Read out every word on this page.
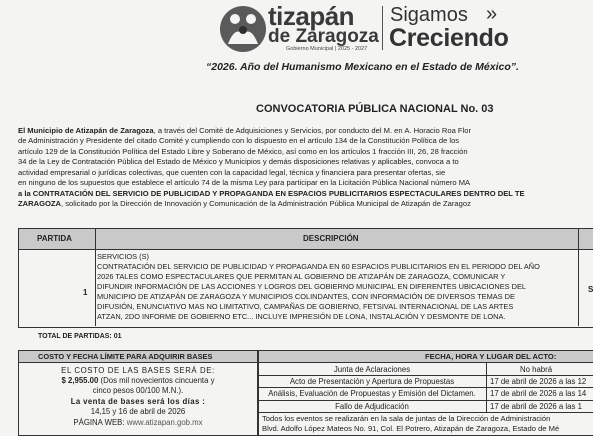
tizapán
de Zaragoza
Gobierno Municipal | 2025 - 2027
Sigamos »
Creciendo
“2026. Año del Humanismo Mexicano en el Estado de México”.
CONVOCATORIA PÚBLICA NACIONAL No. 03
El Municipio de Atizapán de Zaragoza, a través del Comité de Adquisiciones y Servicios, por conducto del M. en A. Horacio Roa Flor
de Administración y Presidente del citado Comité y cumpliendo con lo dispuesto en el artículo 134 de la Constitución Política de los
artículo 129 de la Constitución Política del Estado Libre y Soberano de México, así como en los artículos 1 fracción III, 26, 28 fracción
34 de la Ley de Contratación Pública del Estado de México y Municipios y demás disposiciones relativas y aplicables, convoca a to
actividad empresarial o jurídicas colectivas, que cuenten con la capacidad legal, técnica y financiera para presentar ofertas, sie
en ninguno de los supuestos que establece el artículo 74 de la misma Ley para participar en la Licitación Pública Nacional número MA
a la CONTRATACIÓN DEL SERVICIO DE PUBLICIDAD Y PROPAGANDA EN ESPACIOS PUBLICITARIOS ESPECTACULARES DENTRO DEL TE
ZARAGOZA, solicitado por la Dirección de Innovación y Comunicación de la Administración Pública Municipal de Atizapán de Zaragoz
PARTIDA	DESCRIPCIÓN
1	S
SERVICIOS (S)
CONTRATACIÓN DEL SERVICIO DE PUBLICIDAD Y PROPAGANDA EN 60 ESPACIOS PUBLICITARIOS EN EL PERIODO DEL AÑO
2026 TALES COMO ESPECTACULARES QUE PERMITAN AL GOBIERNO DE ATIZAPÁN DE ZARAGOZA, COMUNICAR Y
DIFUNDIR INFORMACIÓN DE LAS ACCIONES Y LOGROS DEL GOBIERNO MUNICIPAL EN DIFERENTES UBICACIONES DEL
MUNICIPIO DE ATIZAPÁN DE ZARAGOZA Y MUNICIPIOS COLINDANTES, CON INFORMACIÓN DE DIVERSOS TEMAS DE
DIFUSIÓN, ENUNCIATIVO MAS NO LIMITATIVO, CAMPAÑAS DE GOBIERNO, FETSIVAL INTERNACIONAL DE LAS ARTES
ATZAN, 2DO INFORME DE GOBIERNO ETC... INCLUYE IMPRESIÓN DE LONA, INSTALACIÓN Y DESMONTE DE LONA.
TOTAL DE PARTIDAS: 01
COSTO Y FECHA LÍMITE PARA ADQUIRIR BASES
EL COSTO DE LAS BASES SERÁ DE:
$ 2,955.00 (Dos mil novecientos cincuenta y
cinco pesos 00/100 M.N.).
La venta de bases será los días :
14,15 y 16 de abril de 2026
PÁGINA WEB: www.atizapan.gob.mx
FECHA, HORA Y LUGAR DEL ACTO:
Junta de Aclaraciones	No habrá
Acto de Presentación y Apertura de Propuestas	17 de abril de 2026 a las 12
Análisis, Evaluación de Propuestas y Emisión del Dictamen.	17 de abril de 2026 a las 14
Fallo de Adjudicación	17 de abril de 2026 a las 1
Todos los eventos se realizarán en la sala de juntas de la Dirección de Administración
Blvd. Adolfo López Mateos No. 91, Col. El Potrero, Atizapán de Zaragoza, Estado de Mé
